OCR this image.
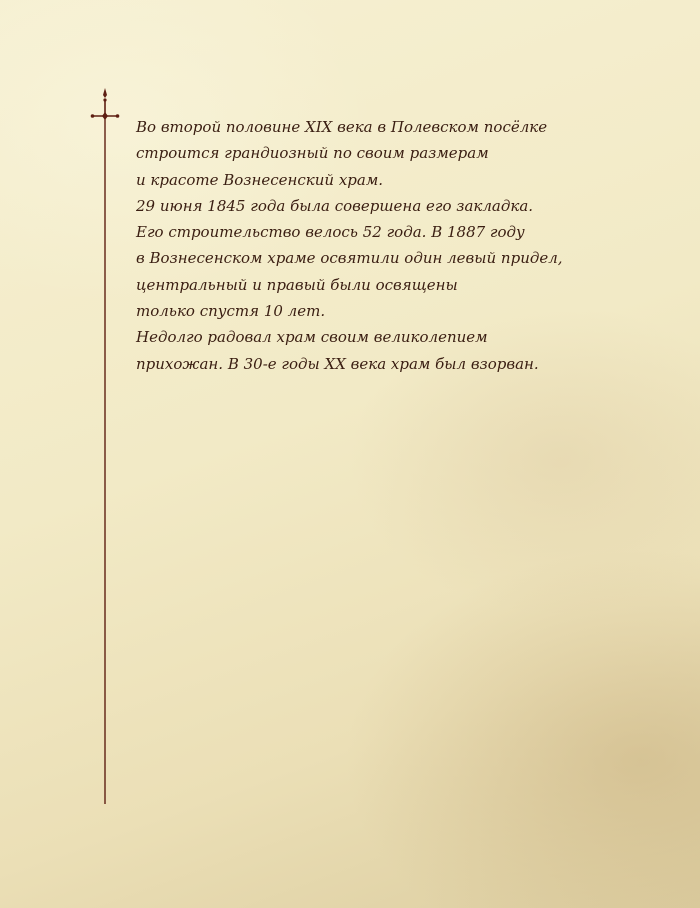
Во второй половине XIX века в Полевском посёлке
строится грандиозный по своим размерам
и красоте Вознесенский храм.
29 июня 1845 года была совершена его закладка.
Его строительство велось 52 года. В 1887 году
в Вознесенском храме освятили один левый придел,
центральный и правый были освящены
только спустя 10 лет.
Недолго радовал храм своим великолепием
прихожан. В 30-е годы XX века храм был взорван.
